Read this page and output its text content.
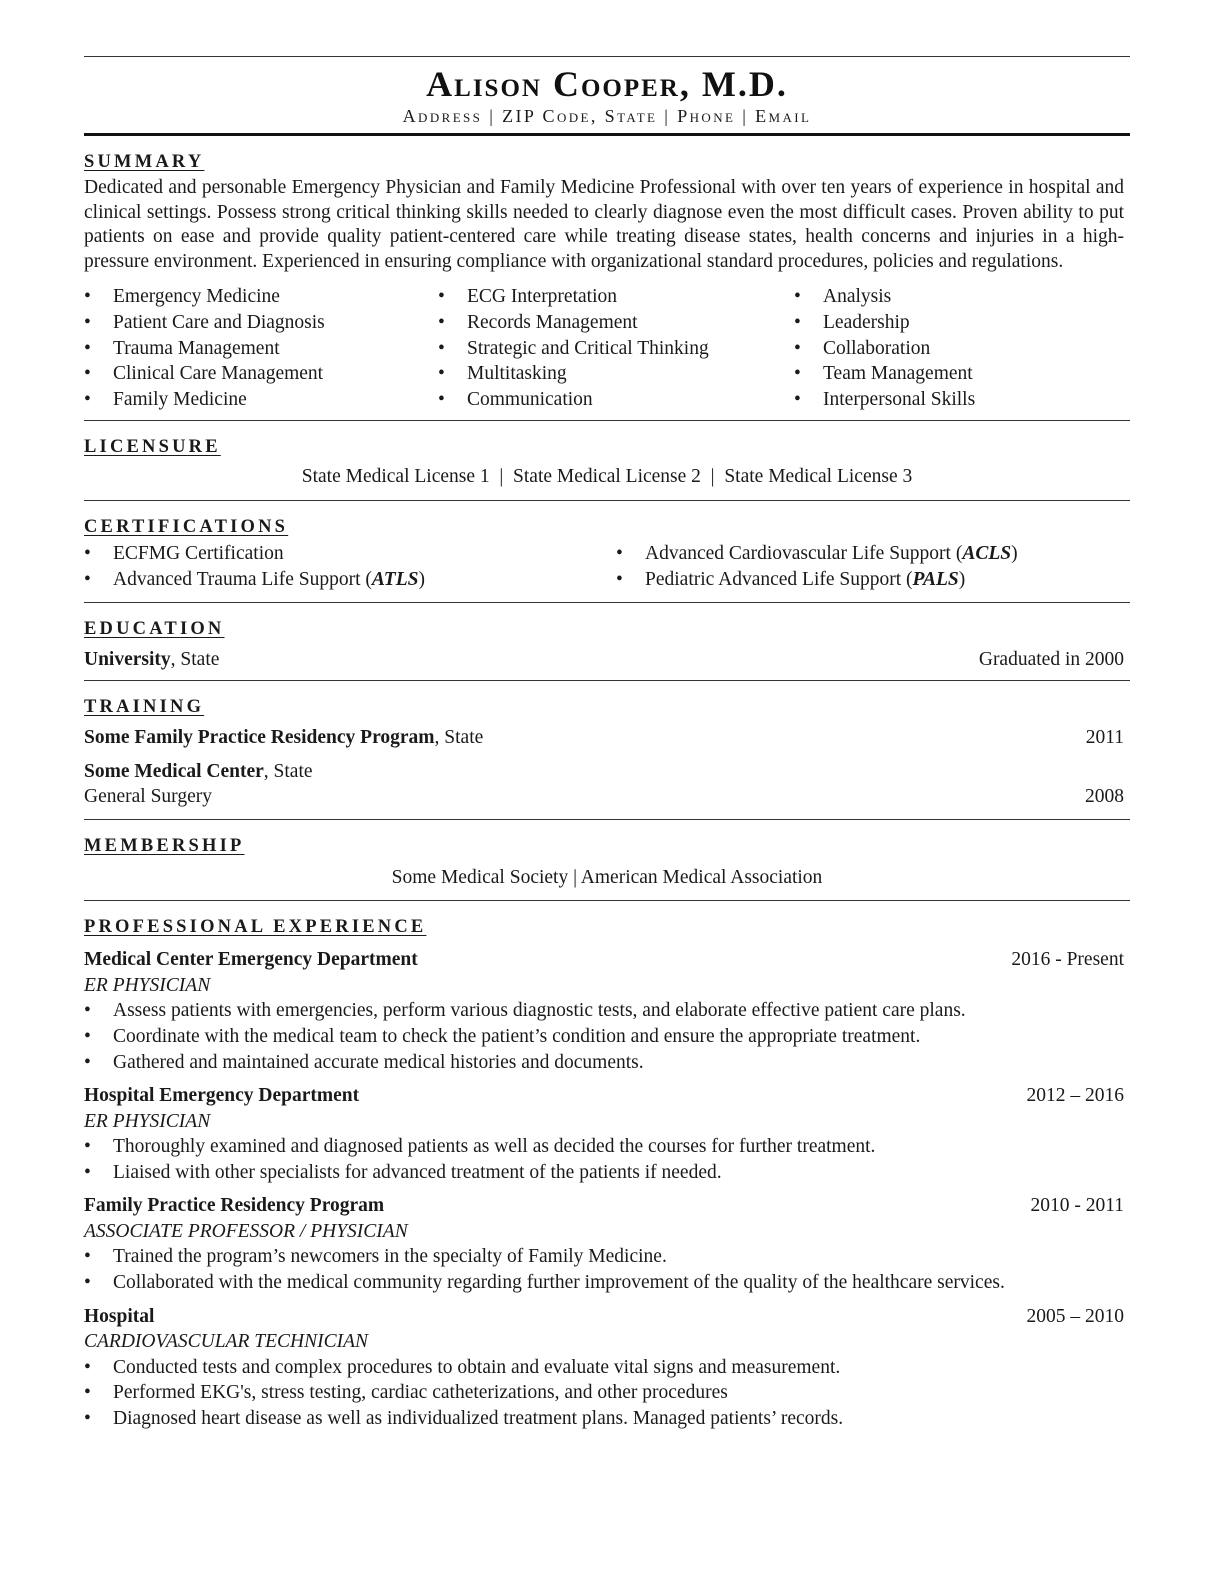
Alison Cooper, M.D.
Address | ZIP Code, State | Phone | Email
SUMMARY
Dedicated and personable Emergency Physician and Family Medicine Professional with over ten years of experience in hospital and clinical settings. Possess strong critical thinking skills needed to clearly diagnose even the most difficult cases. Proven ability to put patients on ease and provide quality patient-centered care while treating disease states, health concerns and injuries in a high-pressure environment. Experienced in ensuring compliance with organizational standard procedures, policies and regulations.
• Emergency Medicine
• Patient Care and Diagnosis
• Trauma Management
• Clinical Care Management
• Family Medicine
• ECG Interpretation
• Records Management
• Strategic and Critical Thinking
• Multitasking
• Communication
• Analysis
• Leadership
• Collaboration
• Team Management
• Interpersonal Skills
LICENSURE
State Medical License 1  |  State Medical License 2  |  State Medical License 3
CERTIFICATIONS
• ECFMG Certification
• Advanced Trauma Life Support (ATLS)
• Advanced Cardiovascular Life Support (ACLS)
• Pediatric Advanced Life Support (PALS)
EDUCATION
University, State	Graduated in 2000
TRAINING
Some Family Practice Residency Program, State	2011
Some Medical Center, State
General Surgery	2008
MEMBERSHIP
Some Medical Society | American Medical Association
PROFESSIONAL EXPERIENCE
Medical Center Emergency Department	2016 - Present
ER PHYSICIAN
• Assess patients with emergencies, perform various diagnostic tests, and elaborate effective patient care plans.
• Coordinate with the medical team to check the patient’s condition and ensure the appropriate treatment.
• Gathered and maintained accurate medical histories and documents.
Hospital Emergency Department	2012 – 2016
ER PHYSICIAN
• Thoroughly examined and diagnosed patients as well as decided the courses for further treatment.
• Liaised with other specialists for advanced treatment of the patients if needed.
Family Practice Residency Program	2010 - 2011
ASSOCIATE PROFESSOR / PHYSICIAN
• Trained the program’s newcomers in the specialty of Family Medicine.
• Collaborated with the medical community regarding further improvement of the quality of the healthcare services.
Hospital	2005 – 2010
CARDIOVASCULAR TECHNICIAN
• Conducted tests and complex procedures to obtain and evaluate vital signs and measurement.
• Performed EKG's, stress testing, cardiac catheterizations, and other procedures
• Diagnosed heart disease as well as individualized treatment plans. Managed patients’ records.
